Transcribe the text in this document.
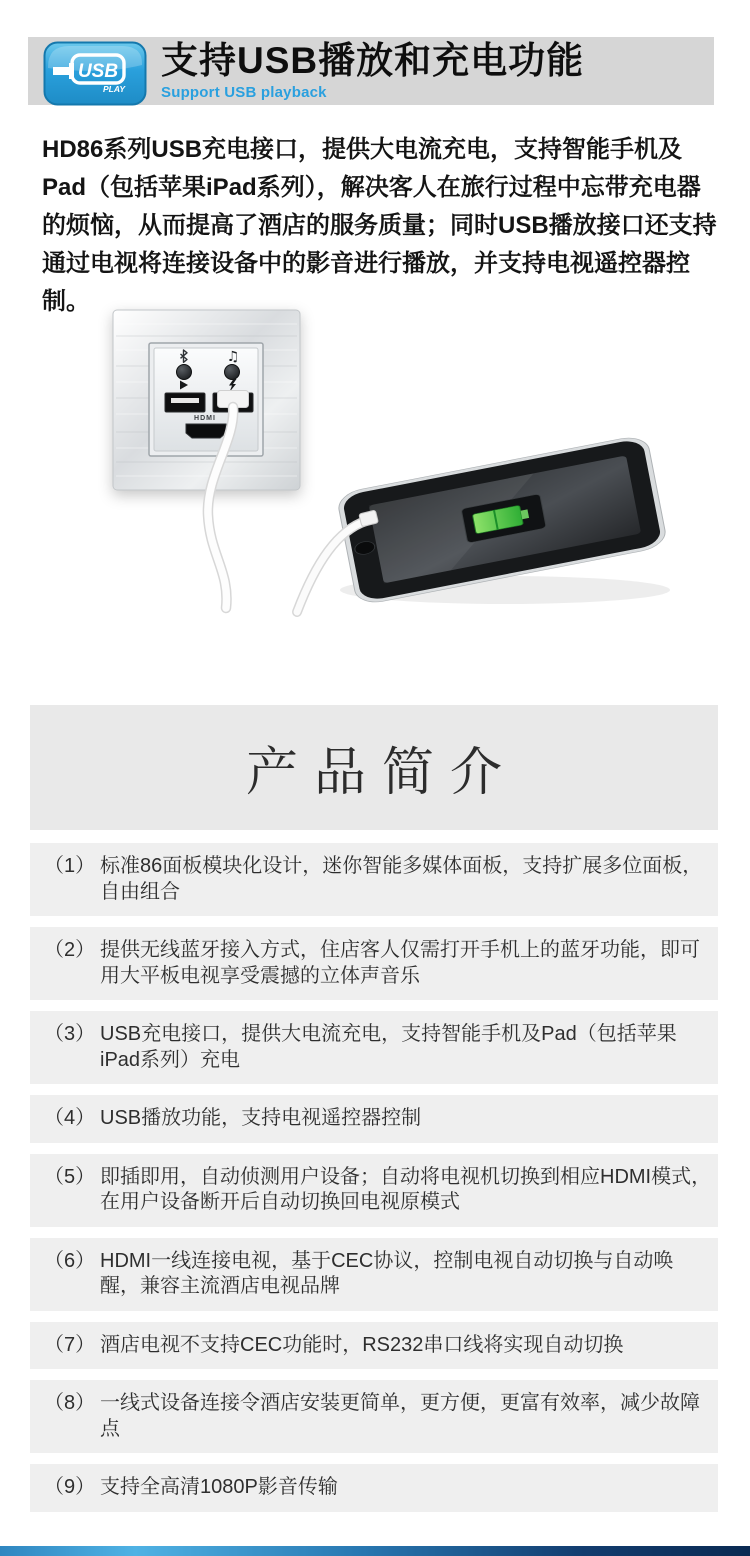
USB
PLAY
支持USB播放和充电功能
Support USB playback
HD86系列USB充电接口，提供大电流充电，支持智能手机及Pad（包括苹果iPad系列），解决客人在旅行过程中忘带充电器的烦恼，从而提高了酒店的服务质量；同时USB播放接口还支持通过电视将连接设备中的影音进行播放，并支持电视遥控器控制。
♫
HDMI
产品简介
（1） 标准86面板模块化设计，迷你智能多媒体面板，支持扩展多位面板，自由组合
（2） 提供无线蓝牙接入方式，住店客人仅需打开手机上的蓝牙功能，即可用大平板电视享受震撼的立体声音乐
（3） USB充电接口，提供大电流充电，支持智能手机及Pad（包括苹果iPad系列）充电
（4） USB播放功能，支持电视遥控器控制
（5） 即插即用，自动侦测用户设备；自动将电视机切换到相应HDMI模式，在用户设备断开后自动切换回电视原模式
（6） HDMI一线连接电视，基于CEC协议，控制电视自动切换与自动唤醒，兼容主流酒店电视品牌
（7） 酒店电视不支持CEC功能时，RS232串口线将实现自动切换
（8） 一线式设备连接令酒店安装更简单，更方便，更富有效率，减少故障点
（9） 支持全高清1080P影音传输
